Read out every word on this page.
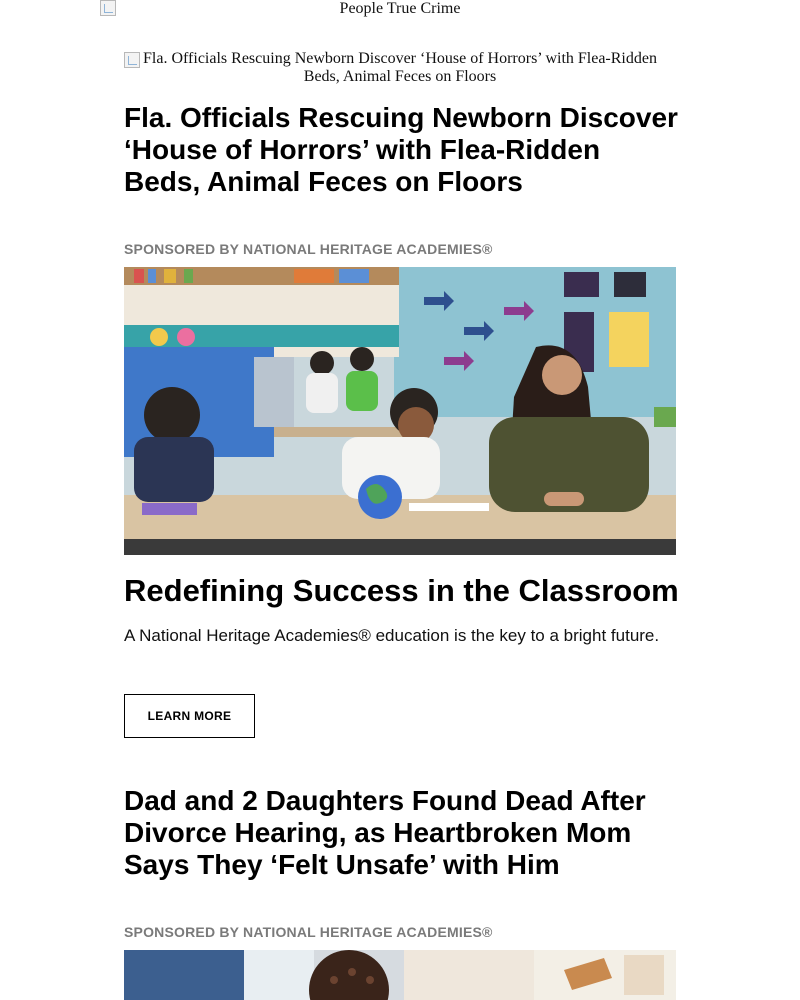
People True Crime
Fla. Officials Rescuing Newborn Discover ‘House of Horrors’ with Flea-Ridden Beds, Animal Feces on Floors
Fla. Officials Rescuing Newborn Discover ‘House of Horrors’ with Flea-Ridden Beds, Animal Feces on Floors
SPONSORED BY NATIONAL HERITAGE ACADEMIES®
Redefining Success in the Classroom

A National Heritage Academies® education is the key to a bright future.

LEARN MORE
Dad and 2 Daughters Found Dead After Divorce Hearing, as Heartbroken Mom Says They ‘Felt Unsafe’ with Him
SPONSORED BY NATIONAL HERITAGE ACADEMIES®
